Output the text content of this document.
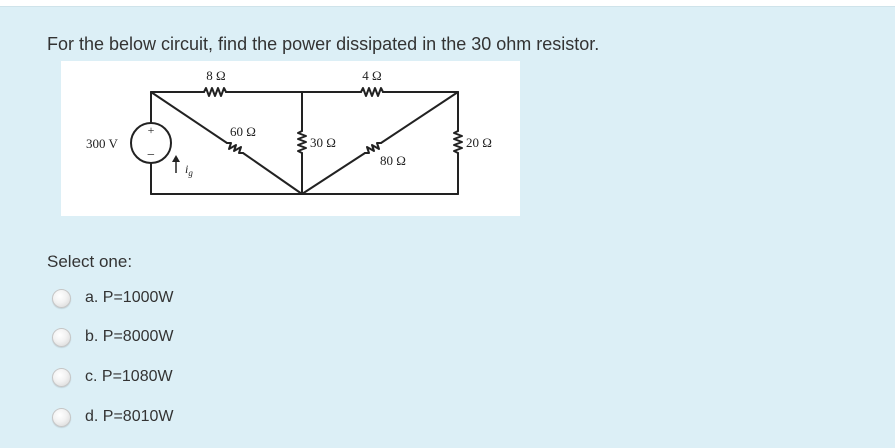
For the below circuit, find the power dissipated in the 30 ohm resistor.
+
−
300 V
$i_g$
8 Ω	4 Ω
60 Ω
30 Ω
80 Ω
20 Ω
Select one:
a. P=1000W
b. P=8000W
c. P=1080W
d. P=8010W
